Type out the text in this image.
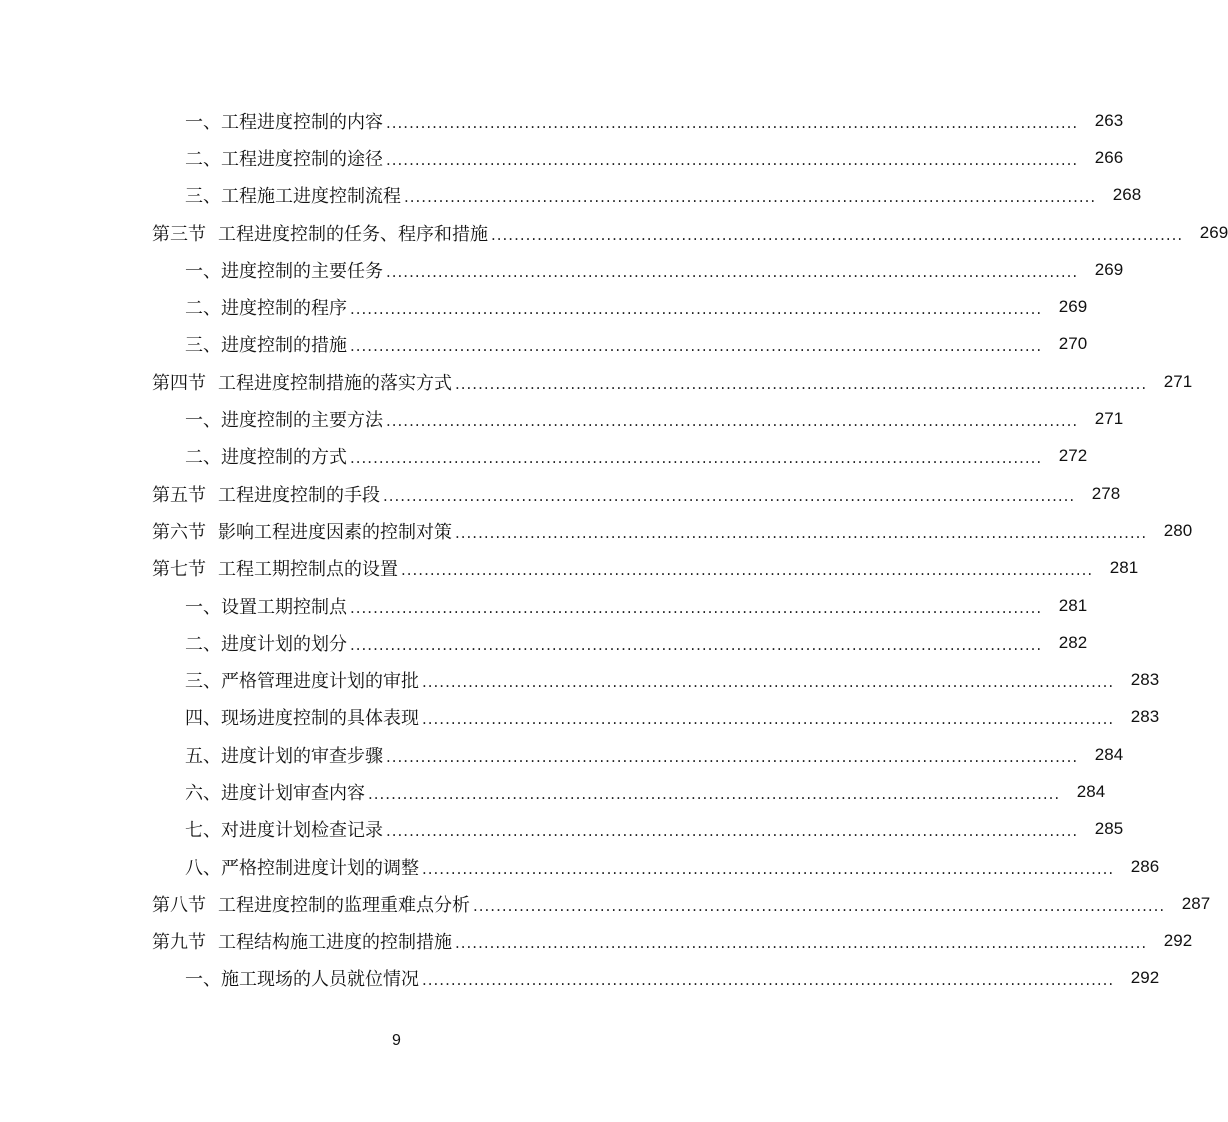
一、 工程进度控制的内容 ........................................................................................................................ 263
二、 工程进度控制的途径 ........................................................................................................................ 266
三、 工程施工进度控制流程 ........................................................................................................................ 268
第三节 工程进度控制的任务、程序和措施 ........................................................................................................................ 269
一、 进度控制的主要任务 ........................................................................................................................ 269
二、 进度控制的程序 ........................................................................................................................ 269
三、 进度控制的措施 ........................................................................................................................ 270
第四节 工程进度控制措施的落实方式 ........................................................................................................................ 271
一、 进度控制的主要方法 ........................................................................................................................ 271
二、 进度控制的方式 ........................................................................................................................ 272
第五节 工程进度控制的手段 ........................................................................................................................ 278
第六节 影响工程进度因素的控制对策 ........................................................................................................................ 280
第七节 工程工期控制点的设置 ........................................................................................................................ 281
一、 设置工期控制点 ........................................................................................................................ 281
二、 进度计划的划分 ........................................................................................................................ 282
三、 严格管理进度计划的审批 ........................................................................................................................ 283
四、 现场进度控制的具体表现 ........................................................................................................................ 283
五、 进度计划的审查步骤 ........................................................................................................................ 284
六、 进度计划审查内容 ........................................................................................................................ 284
七、 对进度计划检查记录 ........................................................................................................................ 285
八、 严格控制进度计划的调整 ........................................................................................................................ 286
第八节 工程进度控制的监理重难点分析 ........................................................................................................................ 287
第九节 工程结构施工进度的控制措施 ........................................................................................................................ 292
一、 施工现场的人员就位情况 ........................................................................................................................ 292
9
